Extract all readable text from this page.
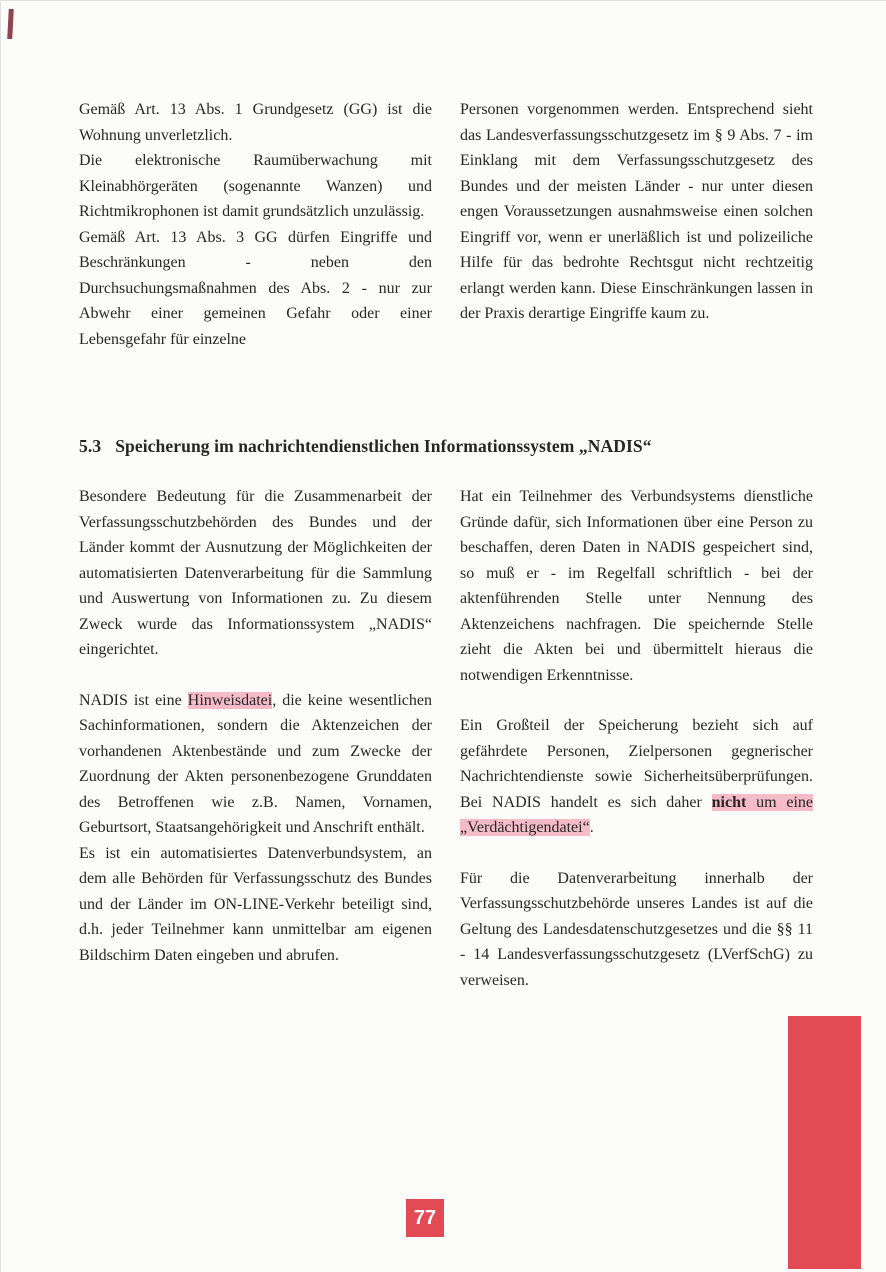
Gemäß Art. 13 Abs. 1 Grundgesetz (GG) ist die Wohnung unverletzlich.

Die elektronische Raumüberwachung mit Kleinabhörgeräten (sogenannte Wanzen) und Richtmikrophonen ist damit grundsätzlich unzulässig.

Gemäß Art. 13 Abs. 3 GG dürfen Eingriffe und Beschränkungen - neben den Durchsuchungsmaßnahmen des Abs. 2 - nur zur Abwehr einer gemeinen Gefahr oder einer Lebensgefahr für einzelne

Personen vorgenommen werden. Entsprechend sieht das Landesverfassungsschutzgesetz im § 9 Abs. 7 - im Einklang mit dem Verfassungsschutzgesetz des Bundes und der meisten Länder - nur unter diesen engen Voraussetzungen ausnahmsweise einen solchen Eingriff vor, wenn er unerläßlich ist und polizeiliche Hilfe für das bedrohte Rechtsgut nicht rechtzeitig erlangt werden kann. Diese Einschränkungen lassen in der Praxis derartige Eingriffe kaum zu.

5.3 Speicherung im nachrichtendienstlichen Informationssystem „NADIS“

Besondere Bedeutung für die Zusammenarbeit der Verfassungsschutzbehörden des Bundes und der Länder kommt der Ausnutzung der Möglichkeiten der automatisierten Datenverarbeitung für die Sammlung und Auswertung von Informationen zu. Zu diesem Zweck wurde das Informationssystem „NADIS“ eingerichtet.

NADIS ist eine Hinweisdatei, die keine wesentlichen Sachinformationen, sondern die Aktenzeichen der vorhandenen Aktenbestände und zum Zwecke der Zuordnung der Akten personenbezogene Grunddaten des Betroffenen wie z.B. Namen, Vornamen, Geburtsort, Staatsangehörigkeit und Anschrift enthält.

Es ist ein automatisiertes Datenverbundsystem, an dem alle Behörden für Verfassungsschutz des Bundes und der Länder im ON-LINE-Verkehr beteiligt sind, d.h. jeder Teilnehmer kann unmittelbar am eigenen Bildschirm Daten eingeben und abrufen.

Hat ein Teilnehmer des Verbundsystems dienstliche Gründe dafür, sich Informationen über eine Person zu beschaffen, deren Daten in NADIS gespeichert sind, so muß er - im Regelfall schriftlich - bei der aktenführenden Stelle unter Nennung des Aktenzeichens nachfragen. Die speichernde Stelle zieht die Akten bei und übermittelt hieraus die notwendigen Erkenntnisse.

Ein Großteil der Speicherung bezieht sich auf gefährdete Personen, Zielpersonen gegnerischer Nachrichtendienste sowie Sicherheitsüberprüfungen. Bei NADIS handelt es sich daher nicht um eine „Verdächtigendatei“.

Für die Datenverarbeitung innerhalb der Verfassungsschutzbehörde unseres Landes ist auf die Geltung des Landesdatenschutzgesetzes und die §§ 11 - 14 Landesverfassungsschutzgesetz (LVerfSchG) zu verweisen.

77
